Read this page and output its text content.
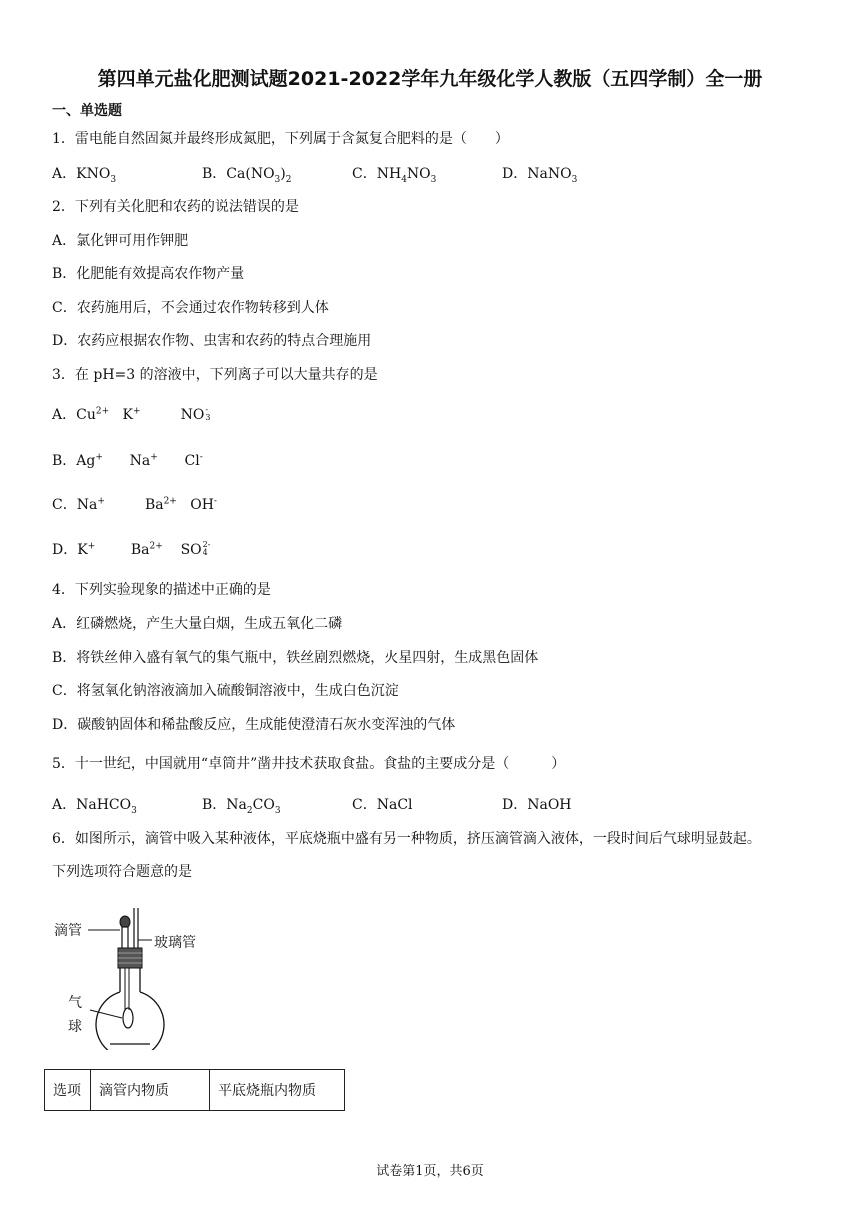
第四单元盐化肥测试题2021-2022学年九年级化学人教版（五四学制）全一册
一、单选题
1．雷电能自然固氮并最终形成氮肥，下列属于含氮复合肥料的是（　　）
A．$KNO_3$	B．$Ca(NO_3)_2$	C．$NH_4NO_3$	D．NaNO$_3$
2．下列有关化肥和农药的说法错误的是
A．氯化钾可用作钾肥
B．化肥能有效提高农作物产量
C．农药施用后，不会通过农作物转移到人体
D．农药应根据农作物、虫害和农药的特点合理施用
3．在 pH=3 的溶液中，下列离子可以大量共存的是
A．$Cu^{2+}$ K+	NO -
3
B．Ag+ Na+ Cl-
C．Na+	$Ba^{2+}$ OH-
D．K+	$Ba^{2+}$ SO 2-
4
4．下列实验现象的描述中正确的是
A．红磷燃烧，产生大量白烟，生成五氧化二磷
B．将铁丝伸入盛有氧气的集气瓶中，铁丝剧烈燃烧，火星四射，生成黑色固体
C．将氢氧化钠溶液滴加入硫酸铜溶液中，生成白色沉淀
D．碳酸钠固体和稀盐酸反应，生成能使澄清石灰水变浑浊的气体
5．十一世纪，中国就用“卓筒井”凿井技术获取食盐。食盐的主要成分是（　　　）
A．NaHCO$_3$	B．$Na_2CO_3$	C．NaCl	D．NaOH
6．如图所示，滴管中吸入某种液体，平底烧瓶中盛有另一种物质，挤压滴管滴入液体，一段时间后气球明显鼓起。
下列选项符合题意的是
滴管
玻璃管
气
球
选项	滴管内物质	平底烧瓶内物质
试卷第1页，共6页
